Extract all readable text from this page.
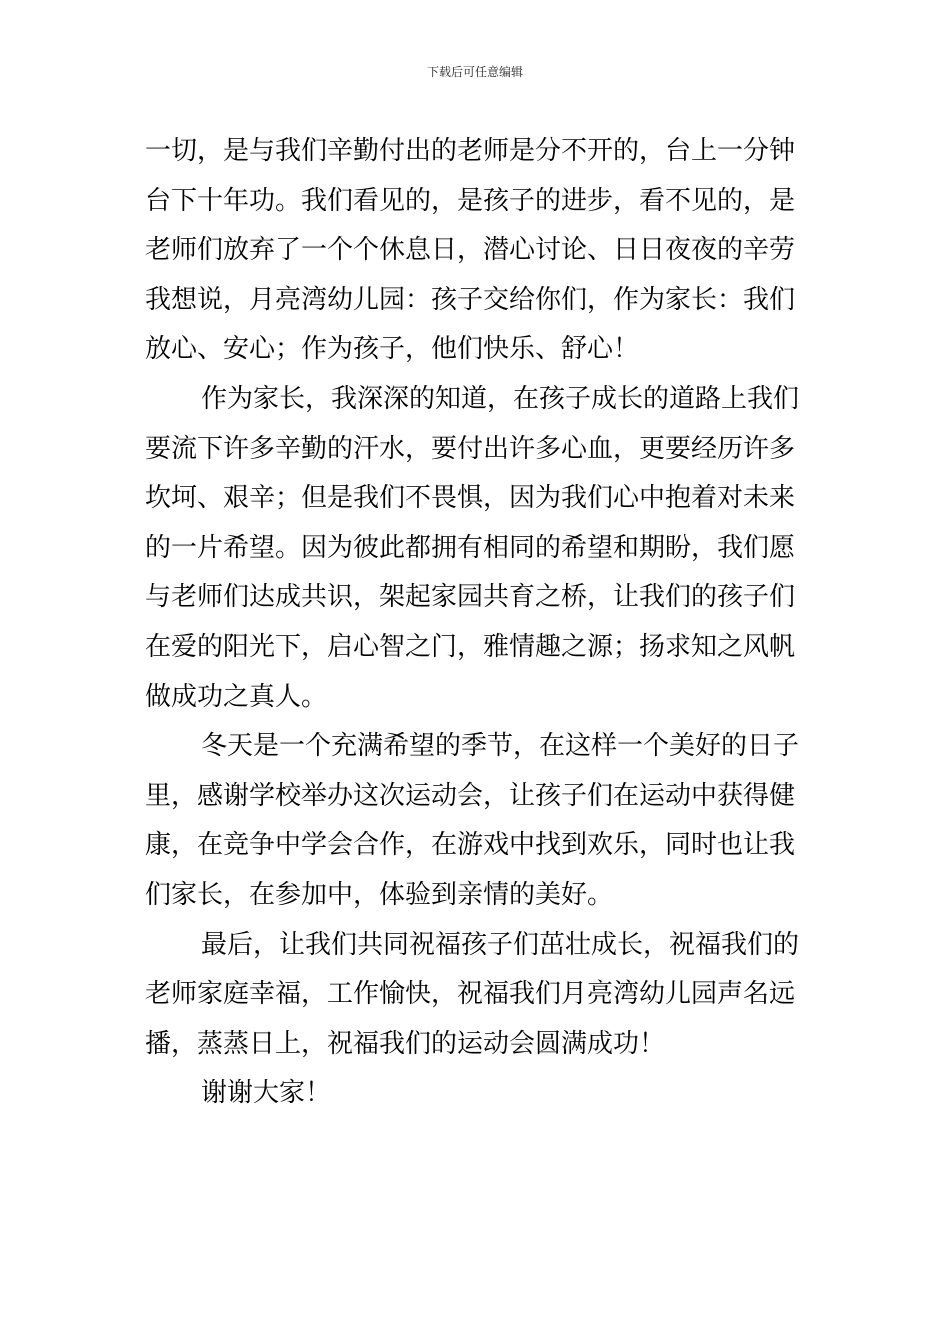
下载后可任意编辑
一切，是与我们辛勤付出的老师是分不开的，台上一分钟
台下十年功。我们看见的，是孩子的进步，看不见的，是
老师们放弃了一个个休息日，潜心讨论、日日夜夜的辛劳
我想说，月亮湾幼儿园：孩子交给你们，作为家长：我们
放心、安心；作为孩子，他们快乐、舒心！
作为家长，我深深的知道，在孩子成长的道路上我们
要流下许多辛勤的汗水，要付出许多心血，更要经历许多
坎坷、艰辛；但是我们不畏惧，因为我们心中抱着对未来
的一片希望。因为彼此都拥有相同的希望和期盼，我们愿
与老师们达成共识，架起家园共育之桥，让我们的孩子们
在爱的阳光下，启心智之门，雅情趣之源；扬求知之风帆
做成功之真人。
冬天是一个充满希望的季节，在这样一个美好的日子
里，感谢学校举办这次运动会，让孩子们在运动中获得健
康，在竞争中学会合作，在游戏中找到欢乐，同时也让我
们家长，在参加中，体验到亲情的美好。
最后，让我们共同祝福孩子们茁壮成长，祝福我们的
老师家庭幸福，工作愉快，祝福我们月亮湾幼儿园声名远
播，蒸蒸日上，祝福我们的运动会圆满成功！
谢谢大家！
